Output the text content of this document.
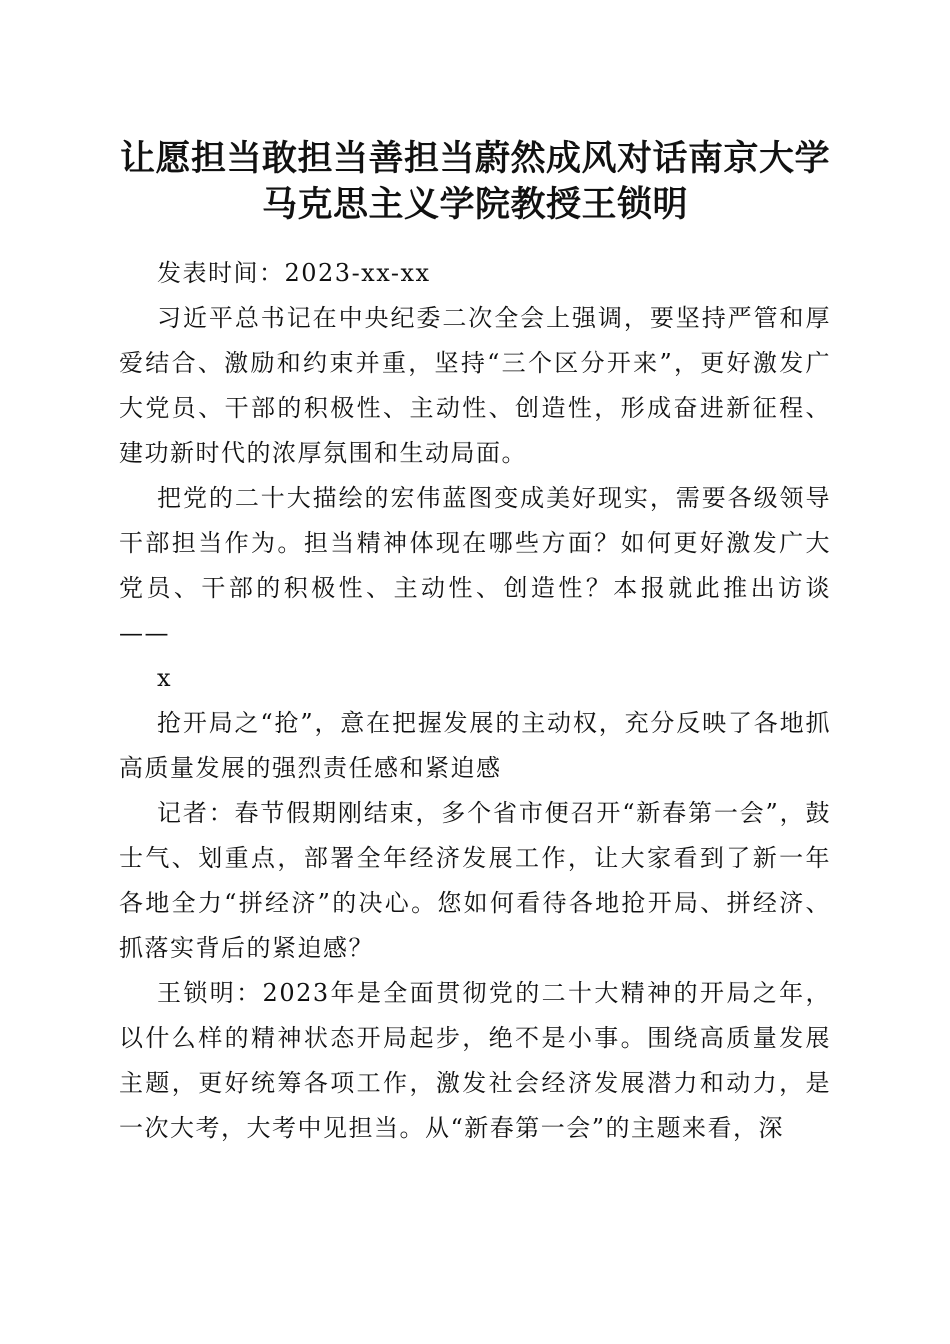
让愿担当敢担当善担当蔚然成风对话南京大学
马克思主义学院教授王锁明

发表时间：2023-xx-xx

习近平总书记在中央纪委二次全会上强调，要坚持严管和厚爱结合、激励和约束并重，坚持“三个区分开来”，更好激发广大党员、干部的积极性、主动性、创造性，形成奋进新征程、建功新时代的浓厚氛围和生动局面。

把党的二十大描绘的宏伟蓝图变成美好现实，需要各级领导干部担当作为。担当精神体现在哪些方面？如何更好激发广大党员、干部的积极性、主动性、创造性？本报就此推出访谈——

x

抢开局之“抢”，意在把握发展的主动权，充分反映了各地抓高质量发展的强烈责任感和紧迫感

记者：春节假期刚结束，多个省市便召开“新春第一会”，鼓士气、划重点，部署全年经济发展工作，让大家看到了新一年各地全力“拼经济”的决心。您如何看待各地抢开局、拼经济、抓落实背后的紧迫感？

王锁明：2023年是全面贯彻党的二十大精神的开局之年，以什么样的精神状态开局起步，绝不是小事。围绕高质量发展主题，更好统筹各项工作，激发社会经济发展潜力和动力，是一次大考，大考中见担当。从“新春第一会”的主题来看，深
